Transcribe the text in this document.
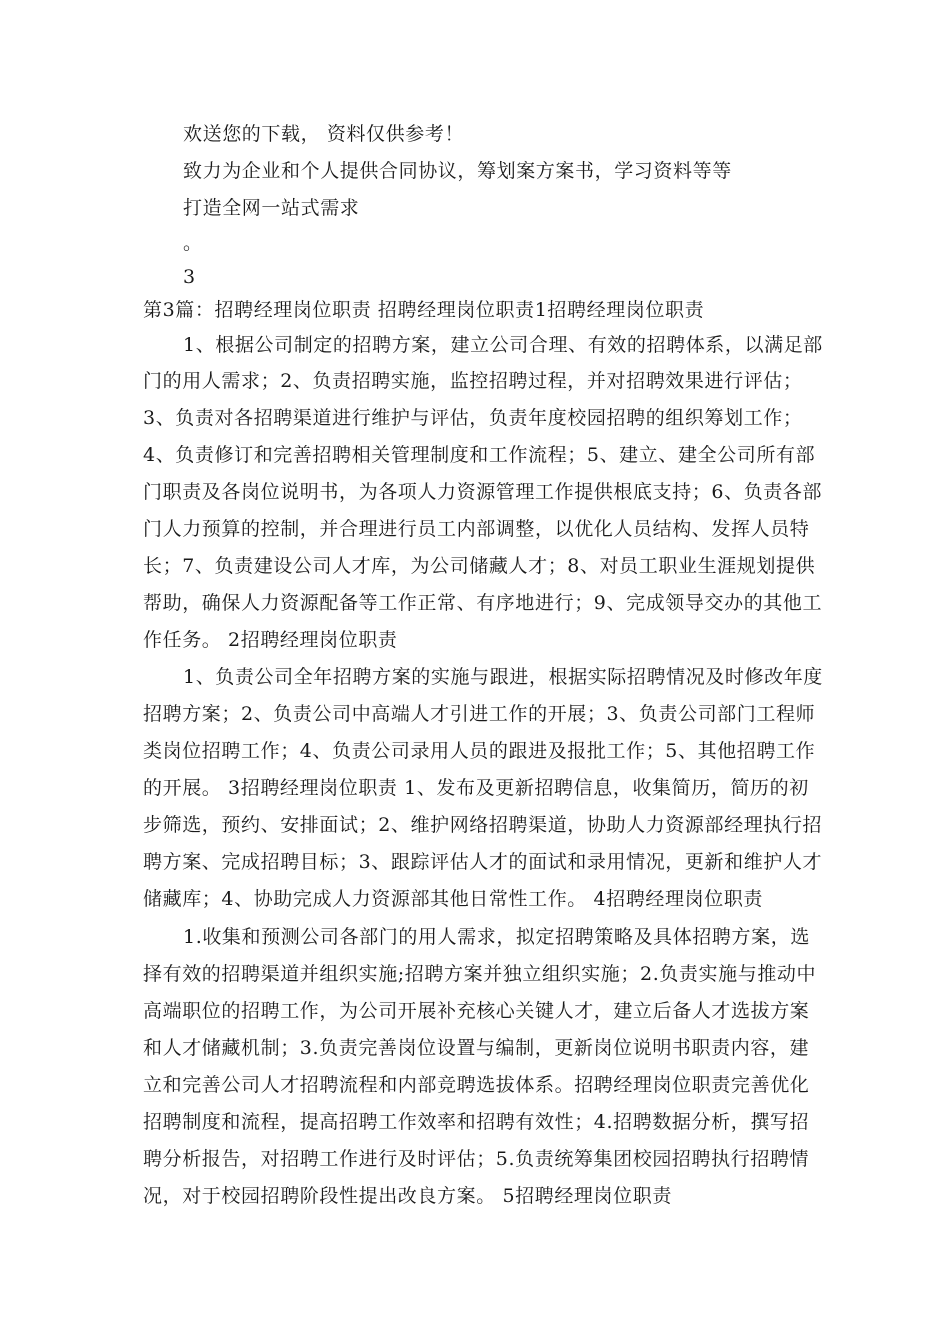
欢送您的下载， 资料仅供参考！
致力为企业和个人提供合同协议，筹划案方案书，学习资料等等
打造全网一站式需求
。
3
第3篇：招聘经理岗位职责 招聘经理岗位职责1招聘经理岗位职责
1、根据公司制定的招聘方案，建立公司合理、有效的招聘体系，以满足部
门的用人需求；2、负责招聘实施，监控招聘过程，并对招聘效果进行评估；
3、负责对各招聘渠道进行维护与评估，负责年度校园招聘的组织筹划工作；
4、负责修订和完善招聘相关管理制度和工作流程；5、建立、建全公司所有部
门职责及各岗位说明书，为各项人力资源管理工作提供根底支持；6、负责各部
门人力预算的控制，并合理进行员工内部调整，以优化人员结构、发挥人员特
长；7、负责建设公司人才库，为公司储藏人才；8、对员工职业生涯规划提供
帮助，确保人力资源配备等工作正常、有序地进行；9、完成领导交办的其他工
作任务。 2招聘经理岗位职责
1、负责公司全年招聘方案的实施与跟进，根据实际招聘情况及时修改年度
招聘方案；2、负责公司中高端人才引进工作的开展；3、负责公司部门工程师
类岗位招聘工作；4、负责公司录用人员的跟进及报批工作；5、其他招聘工作
的开展。 3招聘经理岗位职责 1、发布及更新招聘信息，收集简历，简历的初
步筛选，预约、安排面试；2、维护网络招聘渠道，协助人力资源部经理执行招
聘方案、完成招聘目标；3、跟踪评估人才的面试和录用情况，更新和维护人才
储藏库；4、协助完成人力资源部其他日常性工作。 4招聘经理岗位职责
1.收集和预测公司各部门的用人需求，拟定招聘策略及具体招聘方案，选
择有效的招聘渠道并组织实施;招聘方案并独立组织实施；2.负责实施与推动中
高端职位的招聘工作，为公司开展补充核心关键人才，建立后备人才选拔方案
和人才储藏机制；3.负责完善岗位设置与编制，更新岗位说明书职责内容，建
立和完善公司人才招聘流程和内部竞聘选拔体系。招聘经理岗位职责完善优化
招聘制度和流程，提高招聘工作效率和招聘有效性；4.招聘数据分析，撰写招
聘分析报告，对招聘工作进行及时评估；5.负责统筹集团校园招聘执行招聘情
况，对于校园招聘阶段性提出改良方案。 5招聘经理岗位职责
